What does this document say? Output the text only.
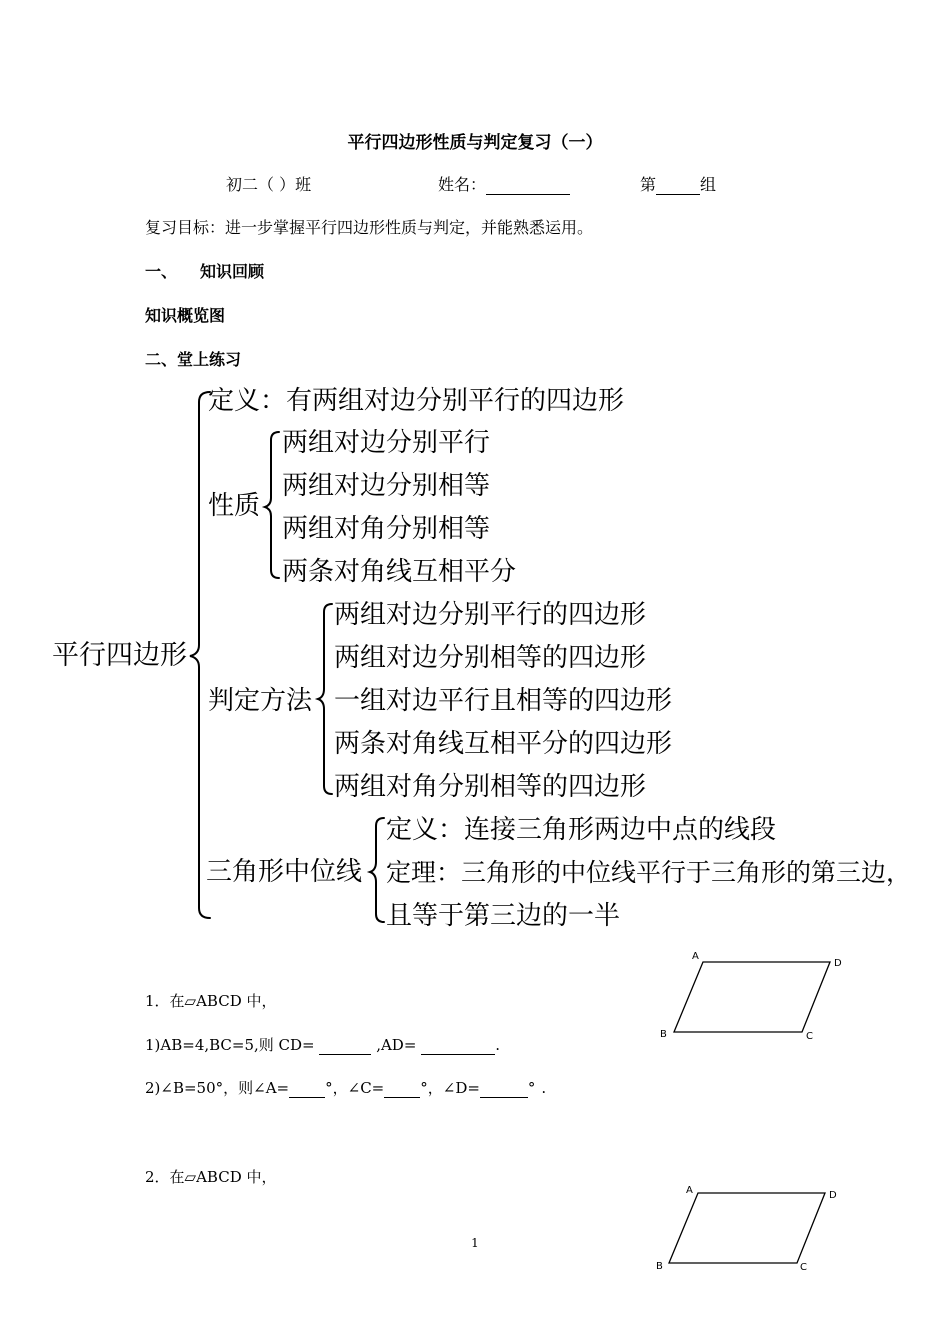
平行四边形性质与判定复习（一）
初二（ ）班	姓名：	第	组
复习目标：进一步掌握平行四边形性质与判定，并能熟悉运用。
一、 知识回顾
知识概览图
二、堂上练习
平行四边形
定义：有两组对边分别平行的四边形
性质
两组对边分别平行
两组对边分别相等
两组对角分别相等
两条对角线互相平分
判定方法
两组对边分别平行的四边形
两组对边分别相等的四边形
一组对边平行且相等的四边形
两条对角线互相平分的四边形
两组对角分别相等的四边形
三角形中位线
定义：连接三角形两边中点的线段
定理：三角形的中位线平行于三角形的第三边，
且等于第三边的一半
1．在▱ABCD 中，
1)AB=4,BC=5,则 CD=	,AD=	.
2)∠B=50°，则∠A= °，∠C= °，∠D=	° .
A
D
B	C
2．在▱ABCD 中，
A	D
B	C
1
